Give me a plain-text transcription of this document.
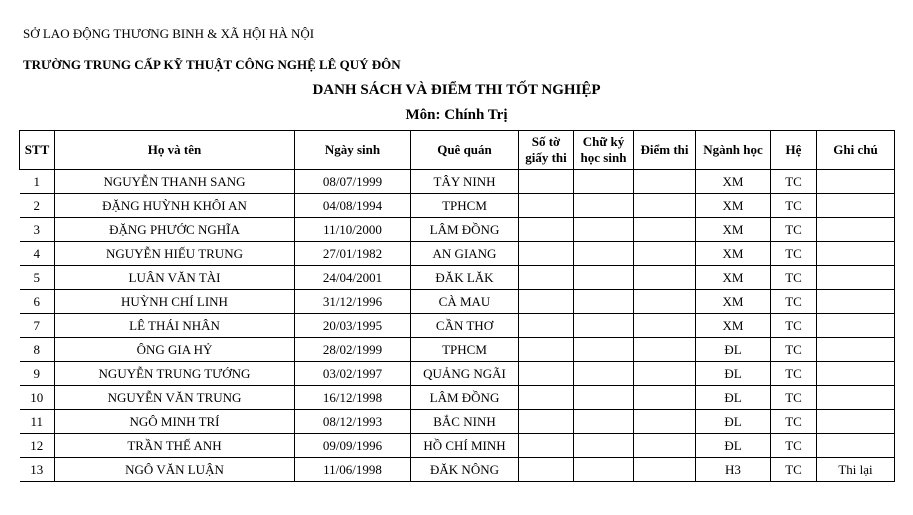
SỞ LAO ĐỘNG THƯƠNG BINH & XÃ HỘI HÀ NỘI
TRƯỜNG TRUNG CẤP KỸ THUẬT CÔNG NGHỆ LÊ QUÝ ĐÔN
DANH SÁCH VÀ ĐIỂM THI TỐT NGHIỆP
Môn: Chính Trị
STT	Họ và tên	Ngày sinh	Quê quán	Số tờ giấy thi	Chữ ký học sinh	Điểm thi	Ngành học	Hệ	Ghi chú
1	NGUYỄN THANH SANG	08/07/1999	TÂY NINH				XM	TC	
2	ĐẶNG HUỲNH KHÔI AN	04/08/1994	TPHCM				XM	TC	
3	ĐẶNG PHƯỚC NGHĨA	11/10/2000	LÂM ĐỒNG				XM	TC	
4	NGUYỄN HIẾU TRUNG	27/01/1982	AN GIANG				XM	TC	
5	LUÂN VĂN TÀI	24/04/2001	ĐĂK LĂK				XM	TC	
6	HUỲNH CHÍ LINH	31/12/1996	CÀ MAU				XM	TC	
7	LÊ THÁI NHÂN	20/03/1995	CẦN THƠ				XM	TC	
8	ÔNG GIA HỶ	28/02/1999	TPHCM				ĐL	TC	
9	NGUYỄN TRUNG TƯỚNG	03/02/1997	QUẢNG NGÃI				ĐL	TC	
10	NGUYỄN VĂN TRUNG	16/12/1998	LÂM ĐỒNG				ĐL	TC	
11	NGÔ MINH TRÍ	08/12/1993	BẮC NINH				ĐL	TC	
12	TRẦN THẾ ANH	09/09/1996	HỒ CHÍ MINH				ĐL	TC	
13	NGÔ VĂN LUẬN	11/06/1998	ĐĂK NÔNG				H3	TC	Thi lại
